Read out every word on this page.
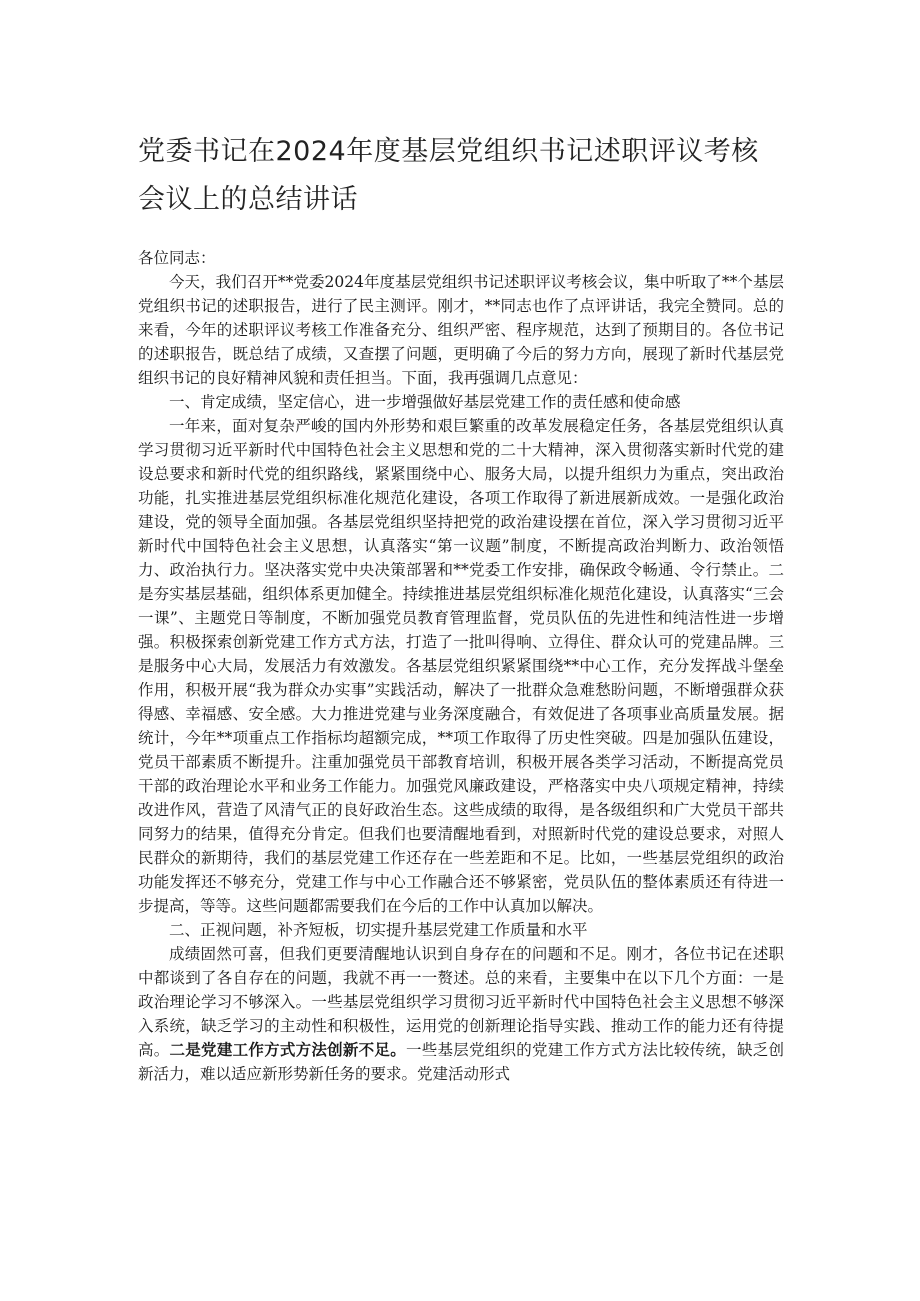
党委书记在2024年度基层党组织书记述职评议考核会议上的总结讲话

各位同志：

今天，我们召开**党委2024年度基层党组织书记述职评议考核会议，集中听取了**个基层党组织书记的述职报告，进行了民主测评。刚才，**同志也作了点评讲话，我完全赞同。总的来看，今年的述职评议考核工作准备充分、组织严密、程序规范，达到了预期目的。各位书记的述职报告，既总结了成绩，又查摆了问题，更明确了今后的努力方向，展现了新时代基层党组织书记的良好精神风貌和责任担当。下面，我再强调几点意见：

一、肯定成绩，坚定信心，进一步增强做好基层党建工作的责任感和使命感

一年来，面对复杂严峻的国内外形势和艰巨繁重的改革发展稳定任务，各基层党组织认真学习贯彻习近平新时代中国特色社会主义思想和党的二十大精神，深入贯彻落实新时代党的建设总要求和新时代党的组织路线，紧紧围绕中心、服务大局，以提升组织力为重点，突出政治功能，扎实推进基层党组织标准化规范化建设，各项工作取得了新进展新成效。一是强化政治建设，党的领导全面加强。各基层党组织坚持把党的政治建设摆在首位，深入学习贯彻习近平新时代中国特色社会主义思想，认真落实“第一议题”制度，不断提高政治判断力、政治领悟力、政治执行力。坚决落实党中央决策部署和**党委工作安排，确保政令畅通、令行禁止。二是夯实基层基础，组织体系更加健全。持续推进基层党组织标准化规范化建设，认真落实“三会一课”、主题党日等制度，不断加强党员教育管理监督，党员队伍的先进性和纯洁性进一步增强。积极探索创新党建工作方式方法，打造了一批叫得响、立得住、群众认可的党建品牌。三是服务中心大局，发展活力有效激发。各基层党组织紧紧围绕**中心工作，充分发挥战斗堡垒作用，积极开展“我为群众办实事”实践活动，解决了一批群众急难愁盼问题，不断增强群众获得感、幸福感、安全感。大力推进党建与业务深度融合，有效促进了各项事业高质量发展。据统计，今年**项重点工作指标均超额完成，**项工作取得了历史性突破。四是加强队伍建设，党员干部素质不断提升。注重加强党员干部教育培训，积极开展各类学习活动，不断提高党员干部的政治理论水平和业务工作能力。加强党风廉政建设，严格落实中央八项规定精神，持续改进作风，营造了风清气正的良好政治生态。这些成绩的取得，是各级组织和广大党员干部共同努力的结果，值得充分肯定。但我们也要清醒地看到，对照新时代党的建设总要求，对照人民群众的新期待，我们的基层党建工作还存在一些差距和不足。比如，一些基层党组织的政治功能发挥还不够充分，党建工作与中心工作融合还不够紧密，党员队伍的整体素质还有待进一步提高，等等。这些问题都需要我们在今后的工作中认真加以解决。

二、正视问题，补齐短板，切实提升基层党建工作质量和水平

成绩固然可喜，但我们更要清醒地认识到自身存在的问题和不足。刚才，各位书记在述职中都谈到了各自存在的问题，我就不再一一赘述。总的来看，主要集中在以下几个方面：一是政治理论学习不够深入。一些基层党组织学习贯彻习近平新时代中国特色社会主义思想不够深入系统，缺乏学习的主动性和积极性，运用党的创新理论指导实践、推动工作的能力还有待提高。二是党建工作方式方法创新不足。一些基层党组织的党建工作方式方法比较传统，缺乏创新活力，难以适应新形势新任务的要求。党建活动形式
